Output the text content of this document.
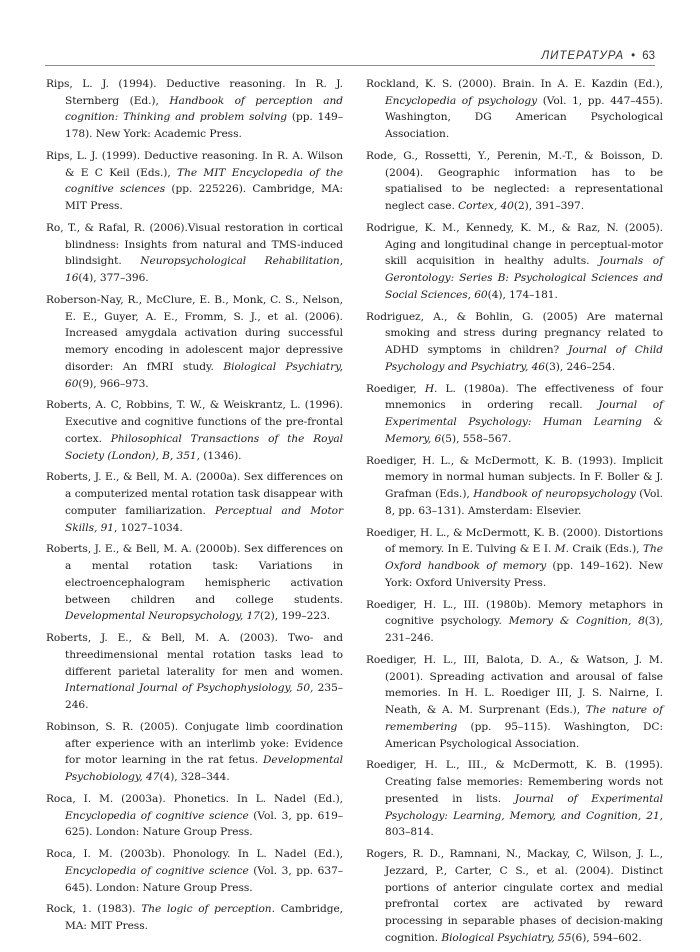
ЛИТЕРАТУРА • 63

Rips, L. J. (1994). Deductive reasoning. In R. J. Sternberg (Ed.), Handbook of perception and cognition: Thinking and problem solving (pp. 149–178). New York: Academic Press.

Rips, L. J. (1999). Deductive reasoning. In R. A. Wilson & E C Keil (Eds.), The MIT Encyclopedia of the cognitive sciences (pp. 225226). Cambridge, MA: MIT Press.

Ro, T., & Rafal, R. (2006).Visual restoration in cortical blindness: Insights from natural and TMS-induced blindsight. Neuropsychological Rehabilitation, 16(4), 377–396.

Roberson-Nay, R., McClure, E. B., Monk, C. S., Nelson, E. E., Guyer, A. E., Fromm, S. J., et al. (2006). Increased amygdala activation during successful memory encoding in adolescent major depressive disorder: An fMRI study. Biological Psychiatry, 60(9), 966–973.

Roberts, A. C, Robbins, T. W., & Weiskrantz, L. (1996). Executive and cognitive functions of the pre-frontal cortex. Philosophical Transactions of the Royal Society (London), B, 351, (1346).

Roberts, J. E., & Bell, M. A. (2000a). Sex differences on a computerized mental rotation task disappear with computer familiarization. Perceptual and Motor Skills, 91, 1027–1034.

Roberts, J. E., & Bell, M. A. (2000b). Sex differences on a mental rotation task: Variations in electroencephalogram hemispheric activation between children and college students. Developmental Neuropsychology, 17(2), 199–223.

Roberts, J. E., & Bell, M. A. (2003). Two- and threedimensional mental rotation tasks lead to different parietal laterality for men and women. International Journal of Psychophysiology, 50, 235–246.

Robinson, S. R. (2005). Conjugate limb coordination after experience with an interlimb yoke: Evidence for motor learning in the rat fetus. Developmental Psychobiology, 47(4), 328–344.

Roca, I. M. (2003a). Phonetics. In L. Nadel (Ed.), Encyclopedia of cognitive science (Vol. 3, pp. 619–625). London: Nature Group Press.

Roca, I. M. (2003b). Phonology. In L. Nadel (Ed.), Encyclopedia of cognitive science (Vol. 3, pp. 637–645). London: Nature Group Press.

Rock, 1. (1983). The logic of perception. Cambridge, MA: MIT Press.

Rockland, K. S. (2000). Brain. In A. E. Kazdin (Ed.), Encyclopedia of psychology (Vol. 1, pp. 447–455). Washington, DG American Psychological Association.

Rode, G., Rossetti, Y., Perenin, M.-T., & Boisson, D. (2004). Geographic information has to be spatialised to be neglected: a representational neglect case. Cortex, 40(2), 391–397.

Rodrigue, K. M., Kennedy, K. M., & Raz, N. (2005). Aging and longitudinal change in perceptual-motor skill acquisition in healthy adults. Journals of Gerontology: Series B: Psychological Sciences and Social Sciences, 60(4), 174–181.

Rodriguez, A., & Bohlin, G. (2005) Are maternal smoking and stress during pregnancy related to ADHD symptoms in children? Journal of Child Psychology and Psychiatry, 46(3), 246–254.

Roediger, H. L. (1980a). The effectiveness of four mnemonics in ordering recall. Journal of Experimental Psychology: Human Learning & Memory, 6(5), 558–567.

Roediger, H. L., & McDermott, K. B. (1993). Implicit memory in normal human subjects. In F. Boller & J. Grafman (Eds.), Handbook of neuropsychology (Vol. 8, pp. 63–131). Amsterdam: Elsevier.

Roediger, H. L., & McDermott, K. B. (2000). Distortions of memory. In E. Tulving & E I. M. Craik (Eds.), The Oxford handbook of memory (pp. 149–162). New York: Oxford University Press.

Roediger, H. L., III. (1980b). Memory metaphors in cognitive psychology. Memory & Cognition, 8(3), 231–246.

Roediger, H. L., III, Balota, D. A., & Watson, J. M. (2001). Spreading activation and arousal of false memories. In H. L. Roediger III, J. S. Nairne, I. Neath, & A. M. Surprenant (Eds.), The nature of remembering (pp. 95–115). Washington, DC: American Psychological Association.

Roediger, H. L., III., & McDermott, K. B. (1995). Creating false memories: Remembering words not presented in lists. Journal of Experimental Psychology: Learning, Memory, and Cognition, 21, 803–814.

Rogers, R. D., Ramnani, N., Mackay, C, Wilson, J. L., Jezzard, P., Carter, C S., et al. (2004). Distinct portions of anterior cingulate cortex and medial prefrontal cortex are activated by reward processing in separable phases of decision-making cognition. Biological Psychiatry, 55(6), 594–602.
